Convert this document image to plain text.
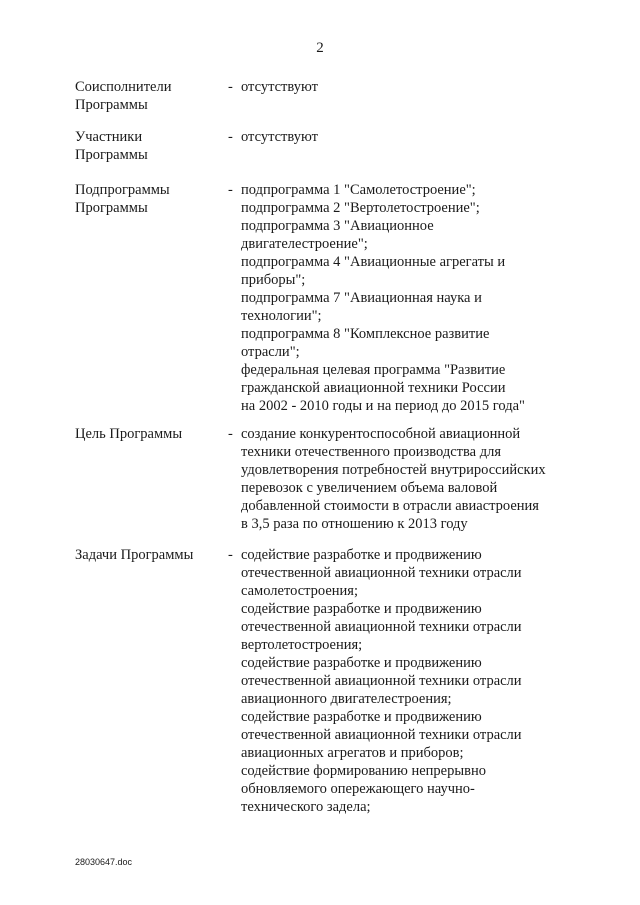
2
Соисполнители
Программы
- отсутствуют
Участники
Программы
- отсутствуют
Подпрограммы
Программы
- подпрограмма 1 "Самолетостроение";
подпрограмма 2 "Вертолетостроение";
подпрограмма 3 "Авиационное
двигателестроение";
подпрограмма 4 "Авиационные агрегаты и
приборы";
подпрограмма 7 "Авиационная наука и
технологии";
подпрограмма 8 "Комплексное развитие
отрасли";
федеральная целевая программа "Развитие
гражданской авиационной техники России
на 2002 - 2010 годы и на период до 2015 года"
Цель Программы	- создание конкурентоспособной авиационной
техники отечественного производства для
удовлетворения потребностей внутрироссийских
перевозок с увеличением объема валовой
добавленной стоимости в отрасли авиастроения
в 3,5 раза по отношению к 2013 году
Задачи Программы	- содействие разработке и продвижению
отечественной авиационной техники отрасли
самолетостроения;
содействие разработке и продвижению
отечественной авиационной техники отрасли
вертолетостроения;
содействие разработке и продвижению
отечественной авиационной техники отрасли
авиационного двигателестроения;
содействие разработке и продвижению
отечественной авиационной техники отрасли
авиационных агрегатов и приборов;
содействие формированию непрерывно
обновляемого опережающего научно-
технического задела;
28030647.doc
